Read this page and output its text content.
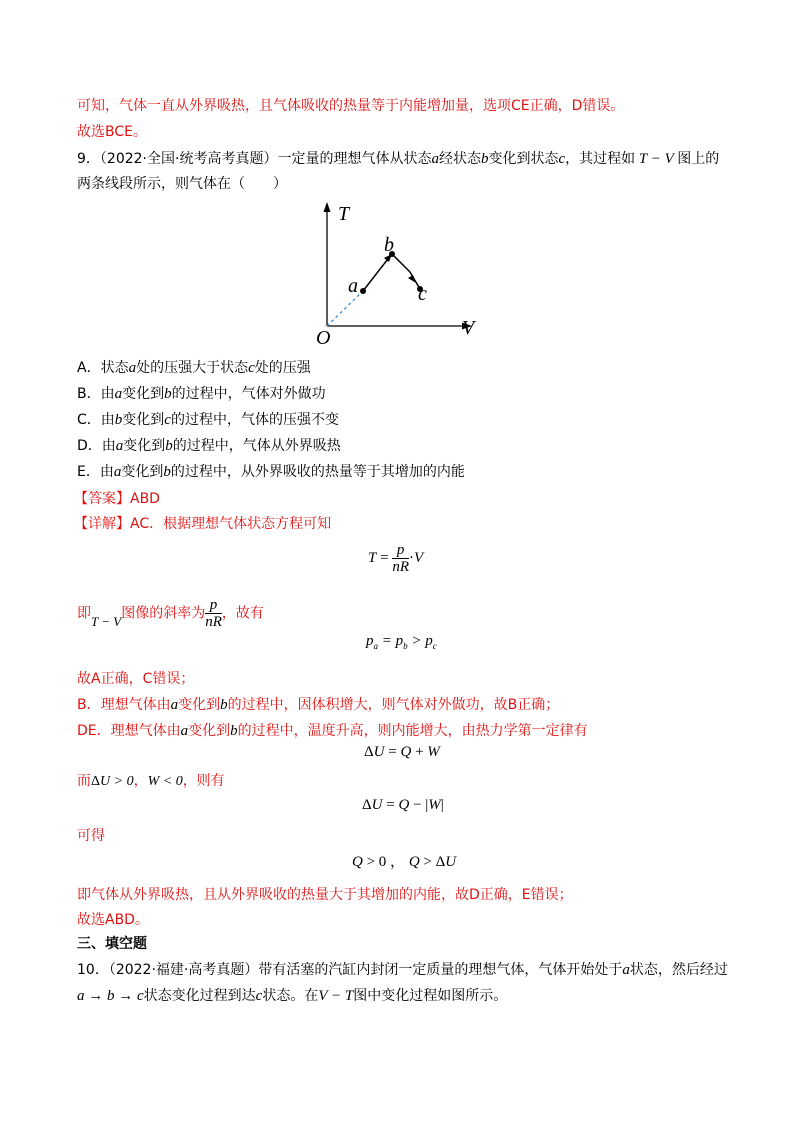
可知，气体一直从外界吸热，且气体吸收的热量等于内能增加量，选项CE正确，D错误。
故选BCE。
9．（2022·全国·统考高考真题）一定量的理想气体从状态a经状态b变化到状态c，其过程如 T − V 图上的
两条线段所示，则气体在（　　）
T
V
O
a
b
c
A．状态a处的压强大于状态c处的压强
B．由a变化到b的过程中，气体对外做功
C．由b变化到c的过程中，气体的压强不变
D．由a变化到b的过程中，气体从外界吸热
E．由a变化到b的过程中，从外界吸收的热量等于其增加的内能
【答案】ABD
【详解】AC．根据理想气体状态方程可知
$T = \frac{p}{nR} \cdot V$
即T − V图像的斜率为 $\frac{p}{nR}$ ，故有
$p_a = p_b > p_c$
故A正确，C错误；
B．理想气体由a变化到b的过程中，因体积增大，则气体对外做功，故B正确；
DE．理想气体由a变化到b的过程中，温度升高，则内能增大，由热力学第一定律有
ΔU = Q + W
而ΔU > 0，W < 0，则有
ΔU = Q − |W|
可得
Q > 0 ， Q > ΔU
即气体从外界吸热，且从外界吸收的热量大于其增加的内能，故D正确，E错误；
故选ABD。
三、填空题
10．（2022·福建·高考真题）带有活塞的汽缸内封闭一定质量的理想气体，气体开始处于a状态，然后经过
a → b → c状态变化过程到达c状态。在V − T图中变化过程如图所示。
